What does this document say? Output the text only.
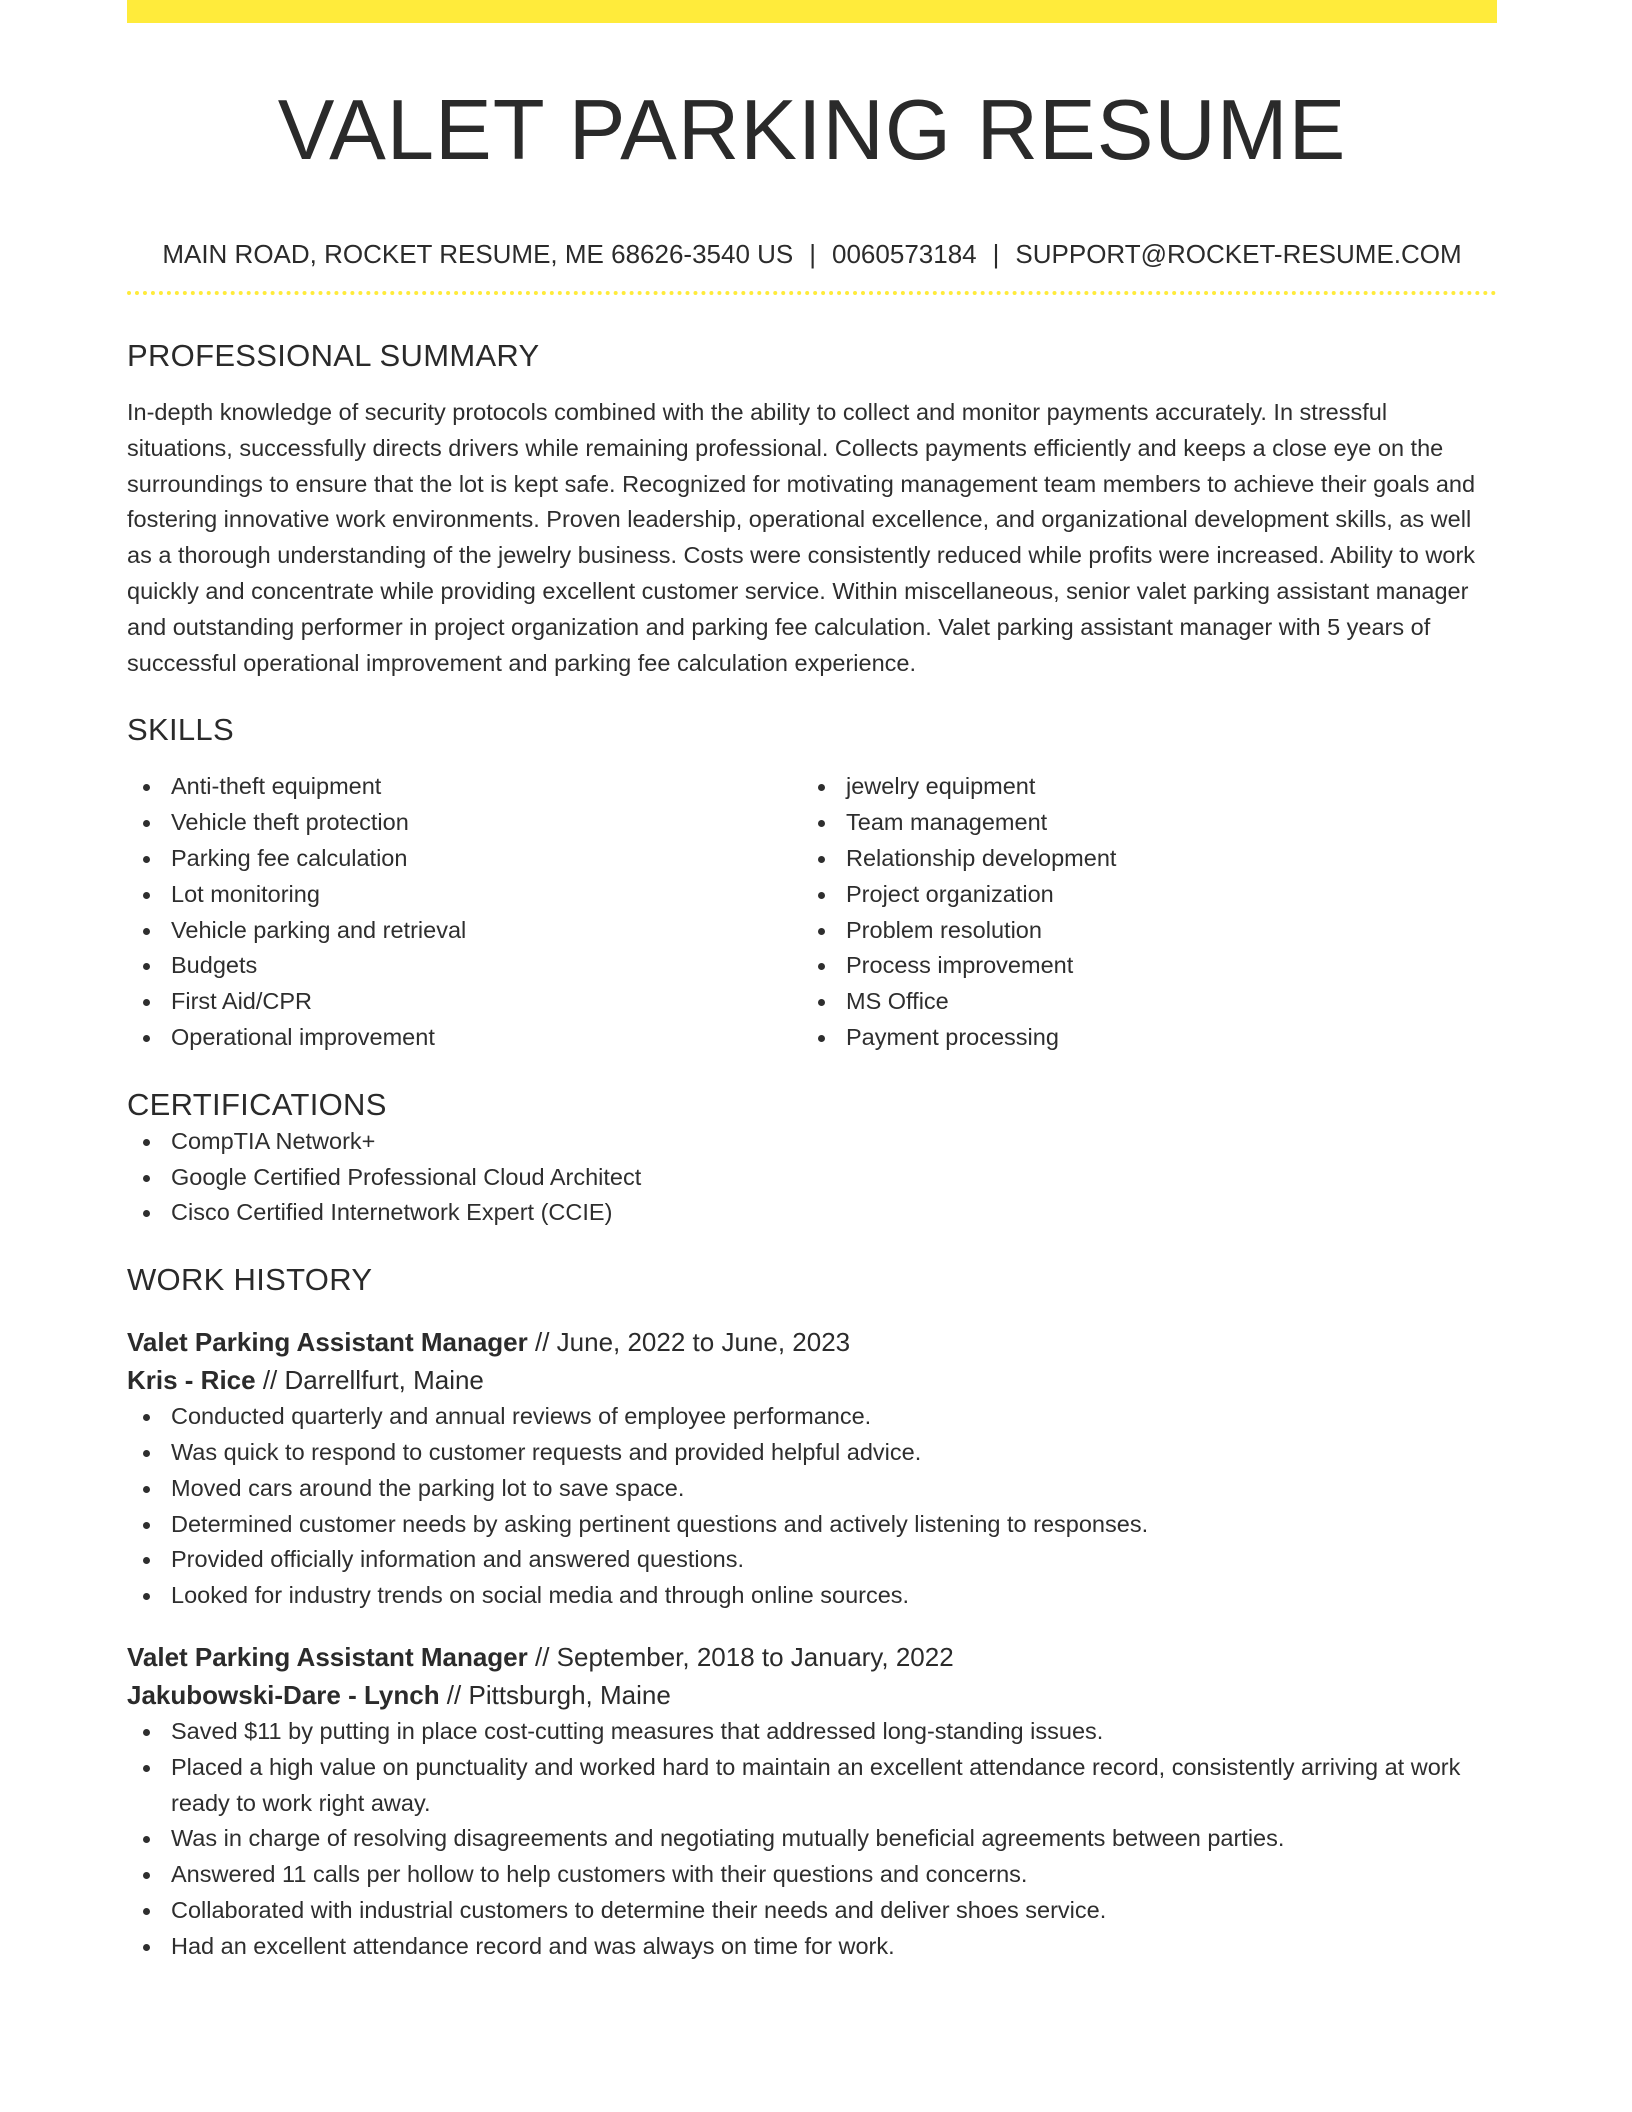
VALET PARKING RESUME
MAIN ROAD, ROCKET RESUME, ME 68626-3540 US | 0060573184 | SUPPORT@ROCKET-RESUME.COM
PROFESSIONAL SUMMARY

In-depth knowledge of security protocols combined with the ability to collect and monitor payments accurately. In stressful situations, successfully directs drivers while remaining professional. Collects payments efficiently and keeps a close eye on the surroundings to ensure that the lot is kept safe. Recognized for motivating management team members to achieve their goals and fostering innovative work environments. Proven leadership, operational excellence, and organizational development skills, as well as a thorough understanding of the jewelry business. Costs were consistently reduced while profits were increased. Ability to work quickly and concentrate while providing excellent customer service. Within miscellaneous, senior valet parking assistant manager and outstanding performer in project organization and parking fee calculation. Valet parking assistant manager with 5 years of successful operational improvement and parking fee calculation experience.

SKILLS
Anti-theft equipment
Vehicle theft protection
Parking fee calculation
Lot monitoring
Vehicle parking and retrieval
Budgets
First Aid/CPR
Operational improvement
jewelry equipment
Team management
Relationship development
Project organization
Problem resolution
Process improvement
MS Office
Payment processing
CERTIFICATIONS
CompTIA Network+
Google Certified Professional Cloud Architect
Cisco Certified Internetwork Expert (CCIE)
WORK HISTORY
Valet Parking Assistant Manager // June, 2022 to June, 2023
Kris - Rice // Darrellfurt, Maine
Conducted quarterly and annual reviews of employee performance.
Was quick to respond to customer requests and provided helpful advice.
Moved cars around the parking lot to save space.
Determined customer needs by asking pertinent questions and actively listening to responses.
Provided officially information and answered questions.
Looked for industry trends on social media and through online sources.
Valet Parking Assistant Manager // September, 2018 to January, 2022
Jakubowski-Dare - Lynch // Pittsburgh, Maine
Saved $11 by putting in place cost-cutting measures that addressed long-standing issues.
Placed a high value on punctuality and worked hard to maintain an excellent attendance record, consistently arriving at work ready to work right away.
Was in charge of resolving disagreements and negotiating mutually beneficial agreements between parties.
Answered 11 calls per hollow to help customers with their questions and concerns.
Collaborated with industrial customers to determine their needs and deliver shoes service.
Had an excellent attendance record and was always on time for work.
